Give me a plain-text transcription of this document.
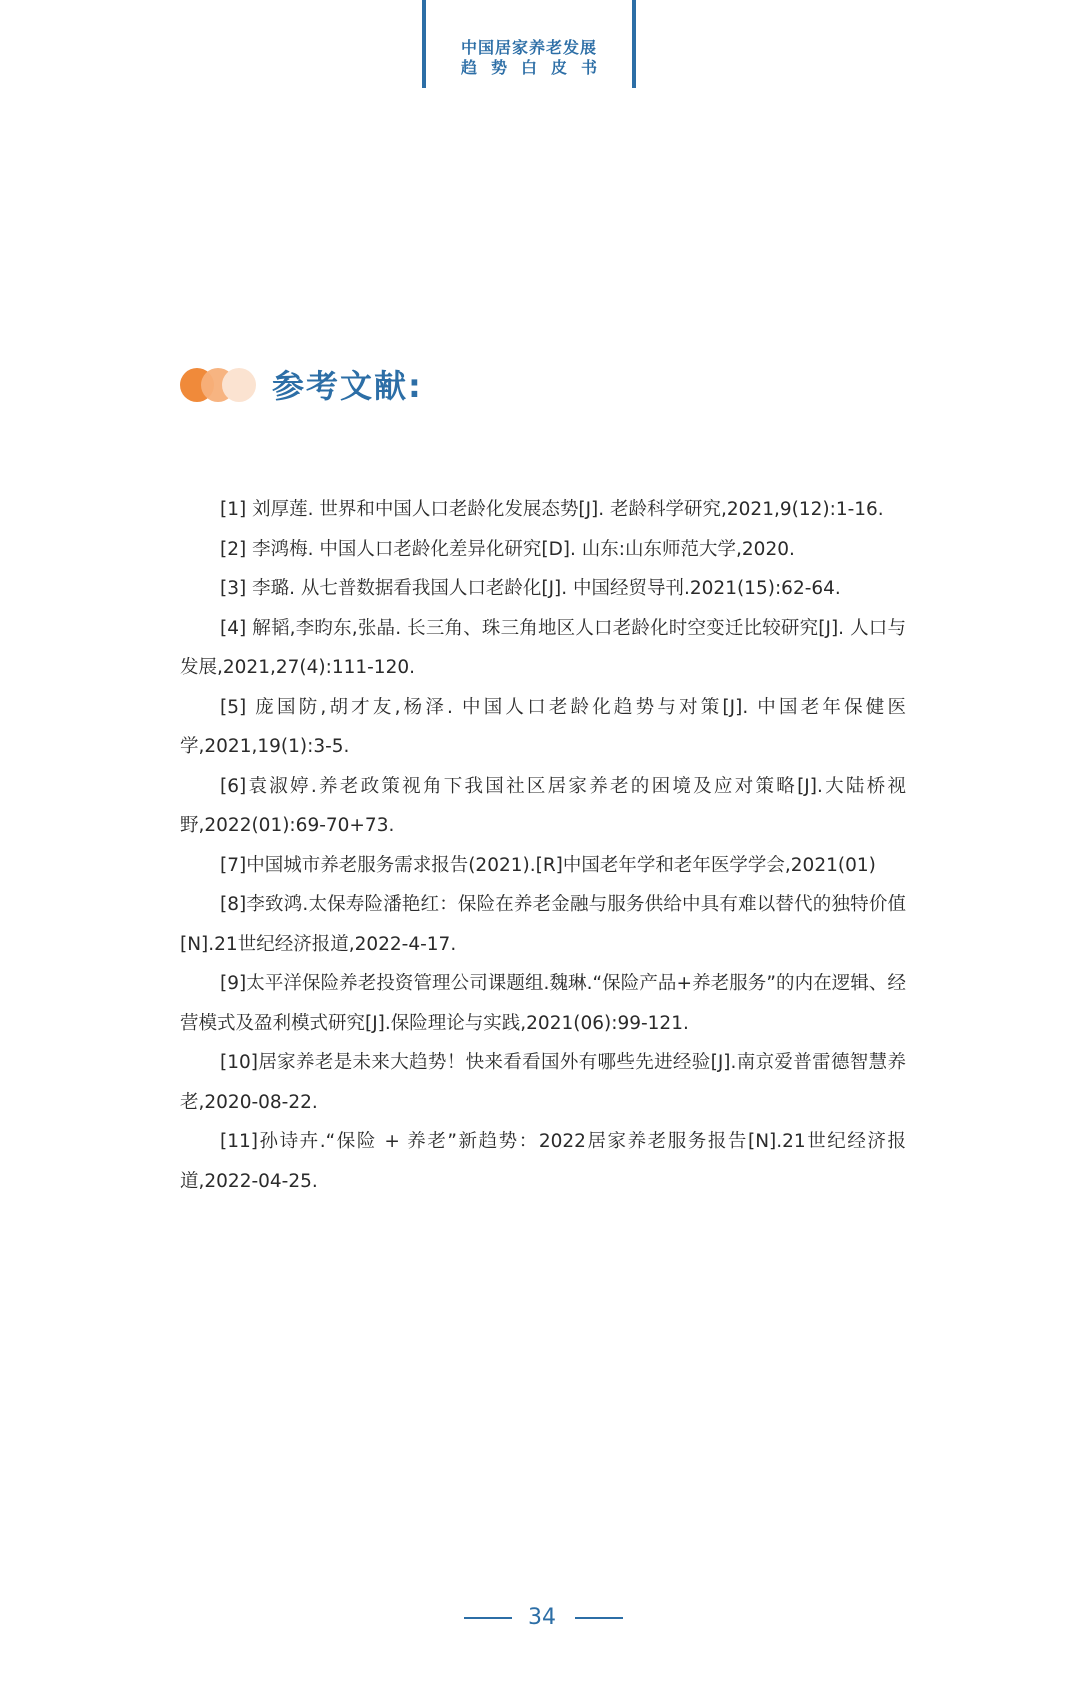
中国居家养老发展
趋势白皮书
参考文献:

[1] 刘厚莲. 世界和中国人口老龄化发展态势[J]. 老龄科学研究,2021,9(12):1-16.

[2] 李鸿梅. 中国人口老龄化差异化研究[D]. 山东:山东师范大学,2020.

[3] 李璐. 从七普数据看我国人口老龄化[J]. 中国经贸导刊.2021(15):62-64.

[4] 解韬,李昀东,张晶. 长三角、珠三角地区人口老龄化时空变迁比较研究[J]. 人口与发展,2021,27(4):111-120.

[5] 庞国防,胡才友,杨泽. 中国人口老龄化趋势与对策[J]. 中国老年保健医学,2021,19(1):3-5.

[6]袁淑婷.养老政策视角下我国社区居家养老的困境及应对策略[J].大陆桥视野,2022(01):69-70+73.

[7]中国城市养老服务需求报告(2021).[R]中国老年学和老年医学学会,2021(01)

[8]李致鸿.太保寿险潘艳红：保险在养老金融与服务供给中具有难以替代的独特价值[N].21世纪经济报道,2022-4-17.

[9]太平洋保险养老投资管理公司课题组.魏琳.“保险产品+养老服务”的内在逻辑、经营模式及盈利模式研究[J].保险理论与实践,2021(06):99-121.

[10]居家养老是未来大趋势！快来看看国外有哪些先进经验[J].南京爱普雷德智慧养老,2020-08-22.

[11]孙诗卉.“保险 + 养老”新趋势：2022居家养老服务报告[N].21世纪经济报道,2022-04-25.

34
